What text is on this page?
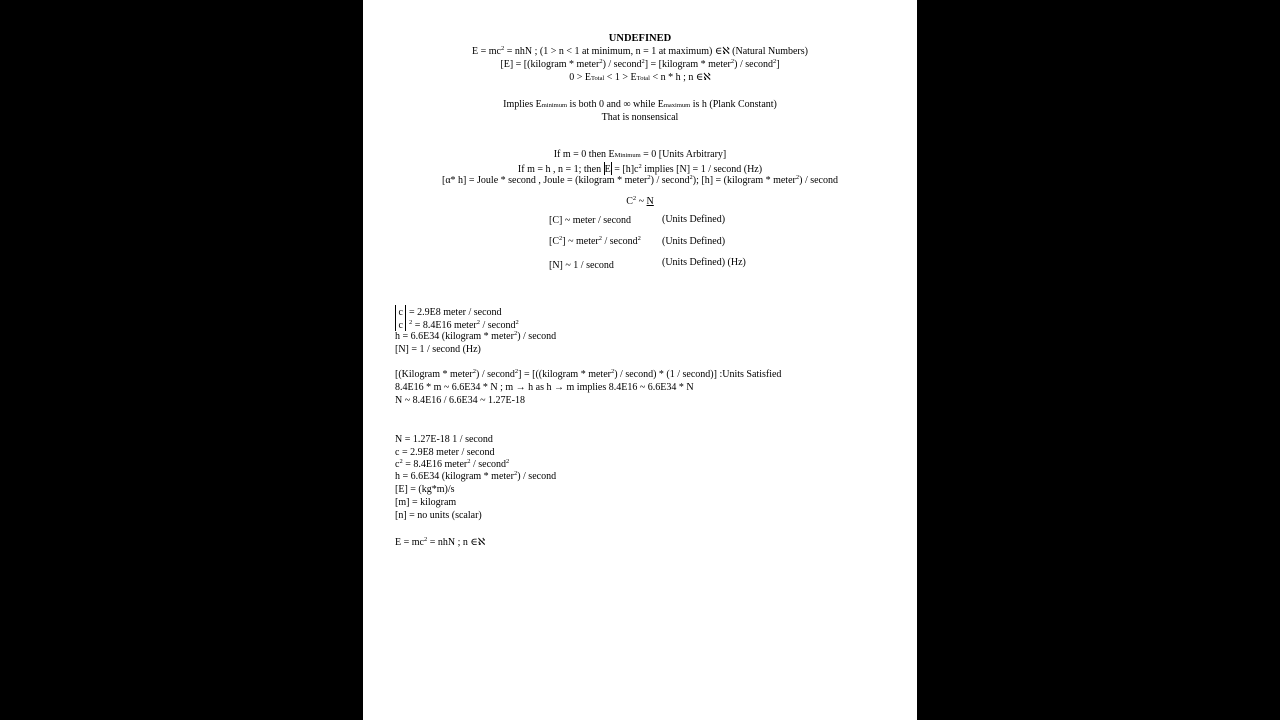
UNDEFINED
$E = mc^2$ = nhN ; (1 > n < 1 at minimum, n = 1 at maximum) ∈ℵ (Natural Numbers)
[E] = [(kilogram * meter$^2$) / second$^2$] = [kilogram * meter$^2$) / second$^2$]
0 > ETotal < 1 > ETotal < n * h ; n ∈ℵ
Implies Eminimum is both 0 and ∞ while Emaximum is h (Plank Constant)
That is nonsensical
If m = 0 then EMinimum = 0 [Units Arbitrary]
If m = h , n = 1; then $E = [h]c^2$ implies [N] = 1 / second (Hz)
[α* h] = Joule * second , Joule = (kilogram * meter$^2$) / second$^2$); [h] = (kilogram * meter$^2$) / second
$C^2$ ~ N
[C] ~ meter / second	(Units Defined)
$[C^2]$ ~ meter$^2$ / second$^2$ (Units Defined)
[N] ~ 1 / second	(Units Defined) (Hz)
c  = 2.9E8 meter / second
c $^2$ = 8.4E16 meter$^2$ / second$^2$
h = 6.6E34 (kilogram * meter$^2$) / second
[N] = 1 / second (Hz)
[(Kilogram * meter$^2$) / second$^2$] = [((kilogram * meter$^2$) / second) * (1 / second)] :Units Satisfied
8.4E16 * m ~ 6.6E34 * N ; m → h as h → m implies 8.4E16 ~ 6.6E34 * N
N ~ 8.4E16 / 6.6E34 ~ 1.27E-18
N = 1.27E-18 1 / second
c = 2.9E8 meter / second
$c^2 = 8.4E16$ meter$^2$ / second$^2$
h = 6.6E34 (kilogram * meter$^2$) / second
[E] = (kg*m)/s
[m] = kilogram
[n] = no units (scalar)
$E = mc^2$ = nhN ; n ∈ℵ
